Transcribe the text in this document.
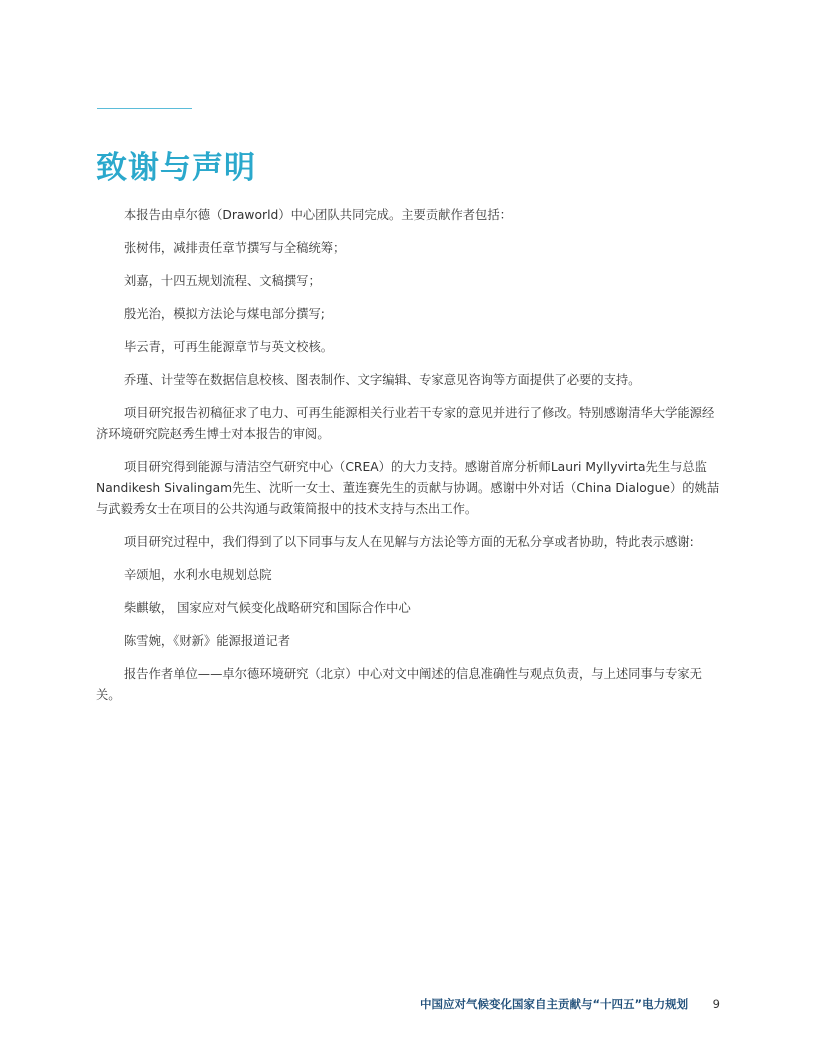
致谢与声明

本报告由卓尔德（Draworld）中心团队共同完成。主要贡献作者包括：

张树伟，减排责任章节撰写与全稿统筹；

刘嘉，十四五规划流程、文稿撰写；

殷光治，模拟方法论与煤电部分撰写;

毕云青，可再生能源章节与英文校核。

乔瑾、计莹等在数据信息校核、图表制作、文字编辑、专家意见咨询等方面提供了必要的支持。

项目研究报告初稿征求了电力、可再生能源相关行业若干专家的意见并进行了修改。特别感谢清华大学能源经济环境研究院赵秀生博士对本报告的审阅。

项目研究得到能源与清洁空气研究中心（CREA）的大力支持。感谢首席分析师Lauri Myllyvirta先生与总监Nandikesh Sivalingam先生、沈昕一女士、董连赛先生的贡献与协调。感谢中外对话（China Dialogue）的姚喆与武毅秀女士在项目的公共沟通与政策简报中的技术支持与杰出工作。

项目研究过程中，我们得到了以下同事与友人在见解与方法论等方面的无私分享或者协助，特此表示感谢:

辛颂旭，水利水电规划总院

柴麒敏， 国家应对气候变化战略研究和国际合作中心

陈雪婉，《财新》能源报道记者

报告作者单位——卓尔德环境研究（北京）中心对文中阐述的信息准确性与观点负责，与上述同事与专家无关。

中国应对气候变化国家自主贡献与“十四五”电力规划 9
